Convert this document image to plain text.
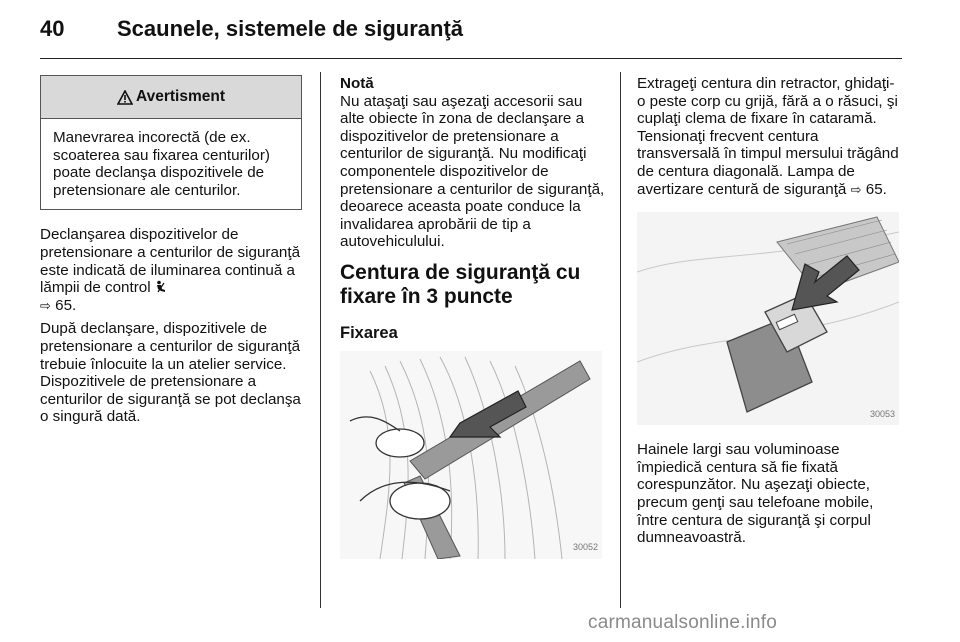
40 Scaunele, sistemele de siguranţă
Avertisment
Manevrarea incorectă (de ex. scoaterea sau fixarea centurilor) poate declanşa dispozitivele de pretensionare ale centurilor.

Declanşarea dispozitivelor de pretensionare a centurilor de siguranţă este indicată de iluminarea continuă a lămpii de control
⇨ 65.

După declanşare, dispozitivele de pretensionare a centurilor de siguranţă trebuie înlocuite la un atelier service. Dispozitivele de pretensionare a centurilor de siguranţă se pot declanşa o singură dată.

Notă

Nu ataşaţi sau aşezaţi accesorii sau alte obiecte în zona de declanşare a dispozitivelor de pretensionare a centurilor de siguranţă. Nu modificaţi componentele dispozitivelor de pretensionare a centurilor de siguranţă, deoarece aceasta poate conduce la invalidarea aprobării de tip a autovehiculului.

Centura de siguranţă cu fixare în 3 puncte
Fixarea
30052

Extrageţi centura din retractor, ghidaţi-o peste corp cu grijă, fără a o răsuci, şi cuplaţi clema de fixare în cataramă. Tensionaţi frecvent centura transversală în timpul mersului trăgând de centura diagonală. Lampa de avertizare centură de siguranţă ⇨ 65.

30053

Hainele largi sau voluminoase împiedică centura să fie fixată corespunzător. Nu aşezaţi obiecte, precum genţi sau telefoane mobile, între centura de siguranţă şi corpul dumneavoastră.

carmanualsonline.info
